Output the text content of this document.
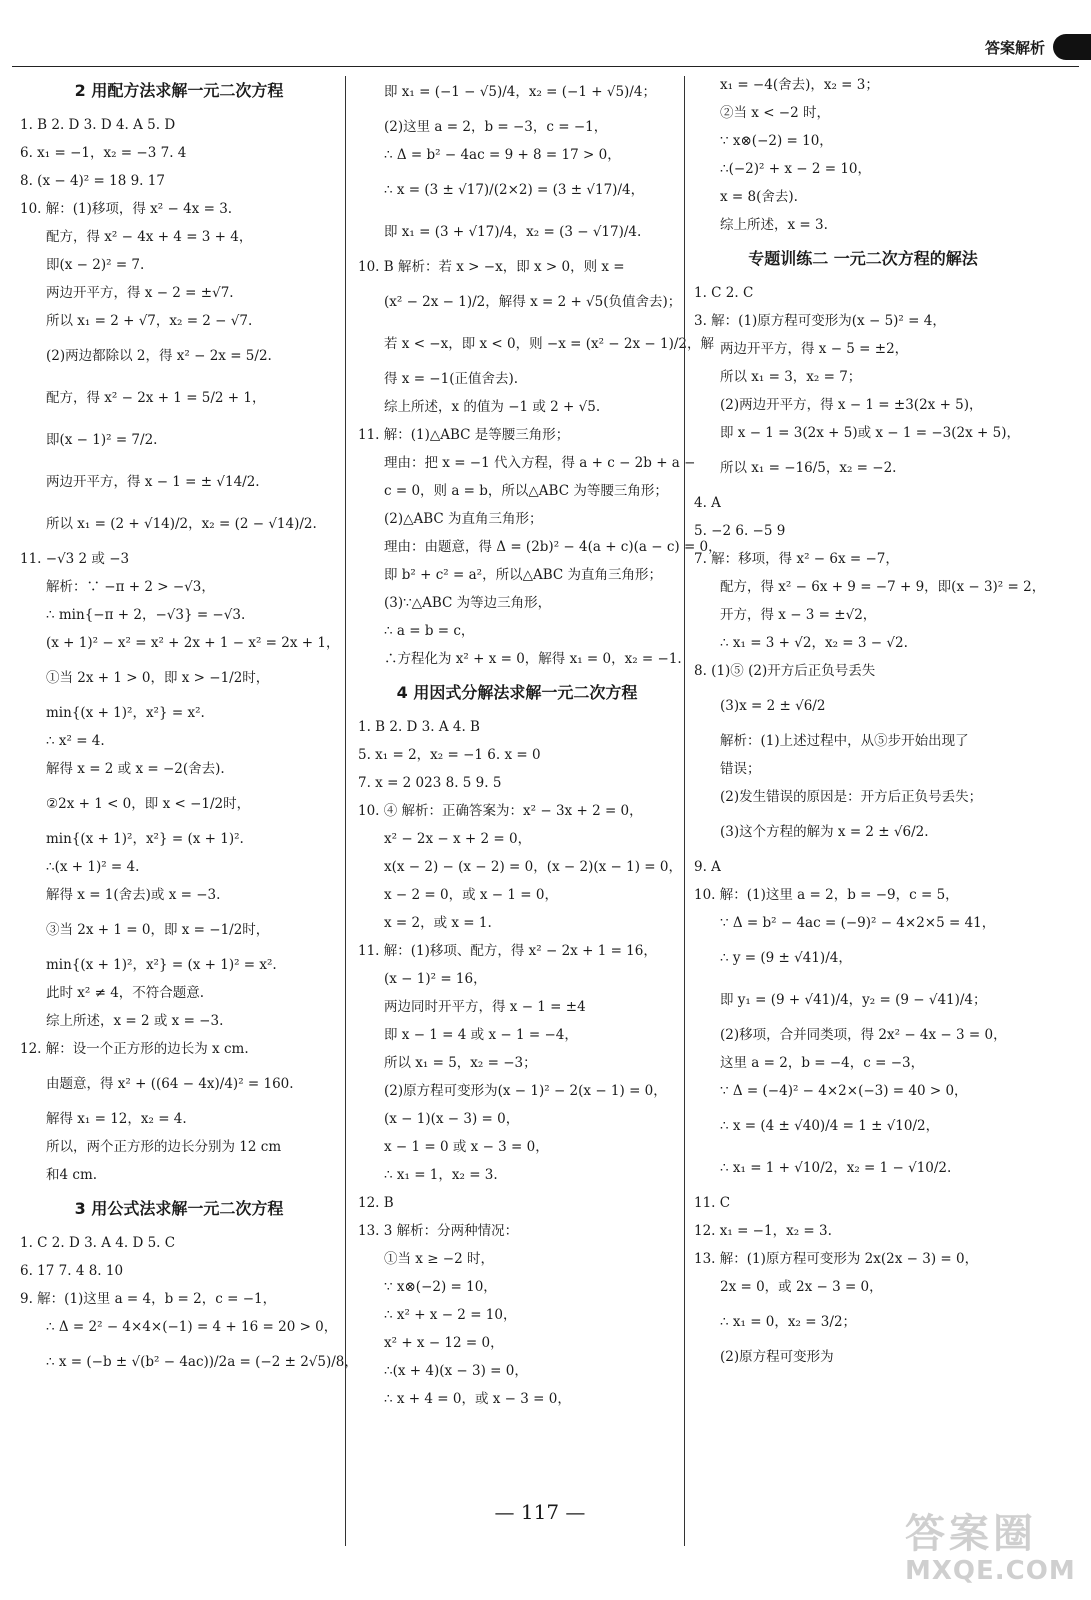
答案解析
2 用配方法求解一元二次方程
1. B 2. D 3. D 4. A 5. D
6. x₁ = −1，x₂ = −3 7. 4
8. (x − 4)² = 18 9. 17
10. 解：(1)移项，得 x² − 4x = 3.
配方，得 x² − 4x + 4 = 3 + 4，
即(x − 2)² = 7.
两边开平方，得 x − 2 = ±√7.
所以 x₁ = 2 + √7，x₂ = 2 − √7.
(2)两边都除以 2，得 x² − 2x = 5/2.
配方，得 x² − 2x + 1 = 5/2 + 1，
即(x − 1)² = 7/2.
两边开平方，得 x − 1 = ± √14/2.
所以 x₁ = (2 + √14)/2，x₂ = (2 − √14)/2.
11. −√3 2 或 −3
解析：∵ −π + 2 > −√3，
∴ min{−π + 2，−√3} = −√3.
(x + 1)² − x² = x² + 2x + 1 − x² = 2x + 1，
①当 2x + 1 > 0，即 x > −1/2时，
min{(x + 1)²，x²} = x².
∴ x² = 4.
解得 x = 2 或 x = −2(舍去).
②2x + 1 < 0，即 x < −1/2时，
min{(x + 1)²，x²} = (x + 1)².
∴(x + 1)² = 4.
解得 x = 1(舍去)或 x = −3.
③当 2x + 1 = 0，即 x = −1/2时，
min{(x + 1)²，x²} = (x + 1)² = x².
此时 x² ≠ 4，不符合题意.
综上所述，x = 2 或 x = −3.
12. 解：设一个正方形的边长为 x cm.
由题意，得 x² + ((64 − 4x)/4)² = 160.
解得 x₁ = 12，x₂ = 4.
所以，两个正方形的边长分别为 12 cm
和4 cm.
3 用公式法求解一元二次方程
1. C 2. D 3. A 4. D 5. C
6. 17 7. 4 8. 10
9. 解：(1)这里 a = 4，b = 2，c = −1，
∴ Δ = 2² − 4×4×(−1) = 4 + 16 = 20 > 0，
∴ x = (−b ± √(b² − 4ac))/2a = (−2 ± 2√5)/8，
即 x₁ = (−1 − √5)/4，x₂ = (−1 + √5)/4；
(2)这里 a = 2，b = −3，c = −1，
∴ Δ = b² − 4ac = 9 + 8 = 17 > 0，
∴ x = (3 ± √17)/(2×2) = (3 ± √17)/4，
即 x₁ = (3 + √17)/4，x₂ = (3 − √17)/4.
10. B 解析：若 x > −x，即 x > 0，则 x =
(x² − 2x − 1)/2，解得 x = 2 + √5(负值舍去)；
若 x < −x，即 x < 0，则 −x = (x² − 2x − 1)/2，解
得 x = −1(正值舍去).
综上所述，x 的值为 −1 或 2 + √5.
11. 解：(1)△ABC 是等腰三角形；
理由：把 x = −1 代入方程，得 a + c − 2b + a −
c = 0，则 a = b，所以△ABC 为等腰三角形；
(2)△ABC 为直角三角形；
理由：由题意，得 Δ = (2b)² − 4(a + c)(a − c) = 0，
即 b² + c² = a²，所以△ABC 为直角三角形；
(3)∵△ABC 为等边三角形，
∴ a = b = c，
∴方程化为 x² + x = 0，解得 x₁ = 0，x₂ = −1.
4 用因式分解法求解一元二次方程
1. B 2. D 3. A 4. B
5. x₁ = 2，x₂ = −1 6. x = 0
7. x = 2 023 8. 5 9. 5
10. ④ 解析：正确答案为：x² − 3x + 2 = 0，
x² − 2x − x + 2 = 0，
x(x − 2) − (x − 2) = 0，(x − 2)(x − 1) = 0，
x − 2 = 0，或 x − 1 = 0，
x = 2，或 x = 1.
11. 解：(1)移项、配方，得 x² − 2x + 1 = 16，
(x − 1)² = 16，
两边同时开平方，得 x − 1 = ±4
即 x − 1 = 4 或 x − 1 = −4，
所以 x₁ = 5，x₂ = −3；
(2)原方程可变形为(x − 1)² − 2(x − 1) = 0，
(x − 1)(x − 3) = 0，
x − 1 = 0 或 x − 3 = 0，
∴ x₁ = 1，x₂ = 3.
12. B
13. 3 解析：分两种情况：
①当 x ≥ −2 时，
∵ x⊗(−2) = 10，
∴ x² + x − 2 = 10，
x² + x − 12 = 0，
∴(x + 4)(x − 3) = 0，
∴ x + 4 = 0，或 x − 3 = 0，
x₁ = −4(舍去)，x₂ = 3；
②当 x < −2 时，
∵ x⊗(−2) = 10，
∴(−2)² + x − 2 = 10，
x = 8(舍去).
综上所述，x = 3.
专题训练二 一元二次方程的解法
1. C 2. C
3. 解：(1)原方程可变形为(x − 5)² = 4，
两边开平方，得 x − 5 = ±2，
所以 x₁ = 3，x₂ = 7；
(2)两边开平方，得 x − 1 = ±3(2x + 5)，
即 x − 1 = 3(2x + 5)或 x − 1 = −3(2x + 5)，
所以 x₁ = −16/5，x₂ = −2.
4. A
5. −2 6. −5 9
7. 解：移项，得 x² − 6x = −7，
配方，得 x² − 6x + 9 = −7 + 9，即(x − 3)² = 2，
开方，得 x − 3 = ±√2，
∴ x₁ = 3 + √2，x₂ = 3 − √2.
8. (1)⑤ (2)开方后正负号丢失
(3)x = 2 ± √6/2
解析：(1)上述过程中，从⑤步开始出现了
错误；
(2)发生错误的原因是：开方后正负号丢失；
(3)这个方程的解为 x = 2 ± √6/2.
9. A
10. 解：(1)这里 a = 2，b = −9，c = 5，
∵ Δ = b² − 4ac = (−9)² − 4×2×5 = 41，
∴ y = (9 ± √41)/4，
即 y₁ = (9 + √41)/4，y₂ = (9 − √41)/4；
(2)移项，合并同类项，得 2x² − 4x − 3 = 0，
这里 a = 2，b = −4，c = −3，
∵ Δ = (−4)² − 4×2×(−3) = 40 > 0，
∴ x = (4 ± √40)/4 = 1 ± √10/2，
∴ x₁ = 1 + √10/2，x₂ = 1 − √10/2.
11. C
12. x₁ = −1，x₂ = 3.
13. 解：(1)原方程可变形为 2x(2x − 3) = 0，
2x = 0，或 2x − 3 = 0，
∴ x₁ = 0，x₂ = 3/2；
(2)原方程可变形为
— 117 —	答案圈
MXQE.COM
